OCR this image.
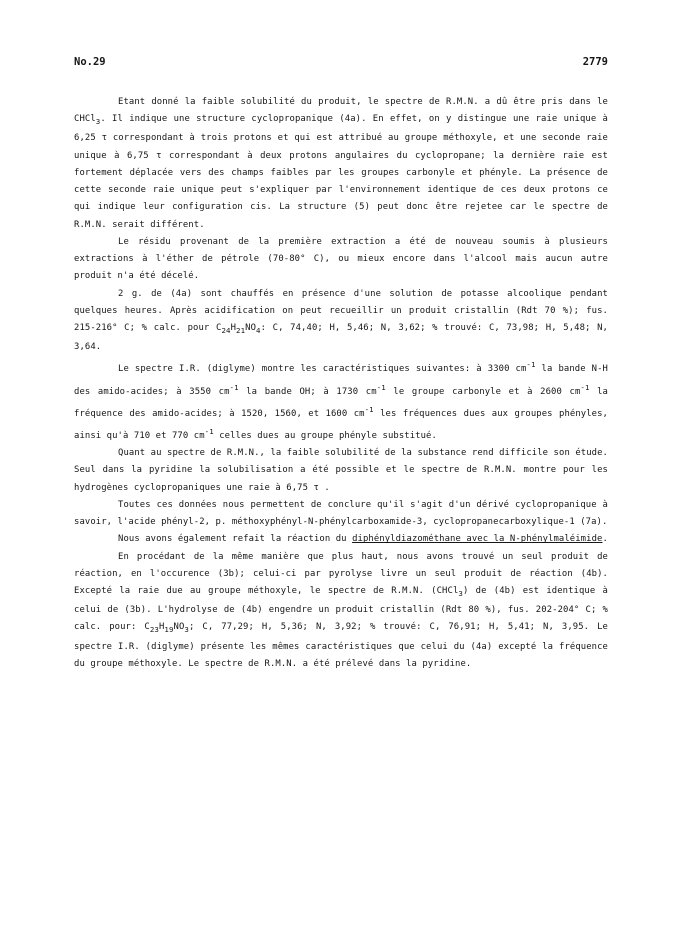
No.29	2779

Etant donné la faible solubilité du produit, le spectre de R.M.N. a dû être pris dans le CHCl$_3$. Il indique une structure cyclopropanique (4a). En effet, on y distingue une raie unique à 6,25 τ correspondant à trois protons et qui est attribué au groupe méthoxyle, et une seconde raie unique à 6,75 τ correspondant à deux protons angulaires du cyclopropane; la dernière raie est fortement déplacée vers des champs faibles par les groupes carbonyle et phényle. La présence de cette seconde raie unique peut s'expliquer par l'environnement identique de ces deux protons ce qui indique leur configuration cis. La structure (5) peut donc être rejetee car le spectre de R.M.N. serait différent.

Le résidu provenant de la première extraction a été de nouveau soumis à plusieurs extractions à l'éther de pétrole (70-80° C), ou mieux encore dans l'alcool mais aucun autre produit n'a été décelé.

2 g. de (4a) sont chauffés en présence d'une solution de potasse alcoolique pendant quelques heures. Après acidification on peut recueillir un produit cristallin (Rdt 70 %); fus. 215-216° C; % calc. pour $C_{24}H_{21}NO_4$: C, 74,40; H, 5,46; N, 3,62; % trouvé: C, 73,98; H, 5,48; N, 3,64.

Le spectre I.R. (diglyme) montre les caractéristiques suivantes: à 3300 $cm^{-1}$ la bande N-H des amido-acides; à 3550 $cm^{-1}$ la bande OH; à 1730 $cm^{-1}$ le groupe carbonyle et à 2600 $cm^{-1}$ la fréquence des amido-acides; à 1520, 1560, et 1600 $cm^{-1}$ les fréquences dues aux groupes phényles, ainsi qu'à 710 et 770 $cm^{-1}$ celles dues au groupe phényle substitué.

Quant au spectre de R.M.N., la faible solubilité de la substance rend difficile son étude. Seul dans la pyridine la solubilisation a été possible et le spectre de R.M.N. montre pour les hydrogènes cyclopropaniques une raie à 6,75 τ .

Toutes ces données nous permettent de conclure qu'il s'agit d'un dérivé cyclopropanique à savoir, l'acide phényl-2, p. méthoxyphényl-N-phénylcarboxamide-3, cyclopropanecarboxylique-1 (7a).

Nous avons également refait la réaction du diphényldiazométhane avec la N-phénylmaléimide.

En procédant de la même manière que plus haut, nous avons trouvé un seul produit de réaction, en l'occurence (3b); celui-ci par pyrolyse livre un seul produit de réaction (4b). Excepté la raie due au groupe méthoxyle, le spectre de R.M.N. (CHCl$_3$) de (4b) est identique à celui de (3b). L'hydrolyse de (4b) engendre un produit cristallin (Rdt 80 %), fus. 202-204° C; % calc. pour: $C_{23}H_{19}NO_3$; C, 77,29; H, 5,36; N, 3,92; % trouvé: C, 76,91; H, 5,41; N, 3,95. Le spectre I.R. (diglyme) présente les mêmes caractéristiques que celui du (4a) excepté la fréquence du groupe méthoxyle. Le spectre de R.M.N. a été prélevé dans la pyridine.
